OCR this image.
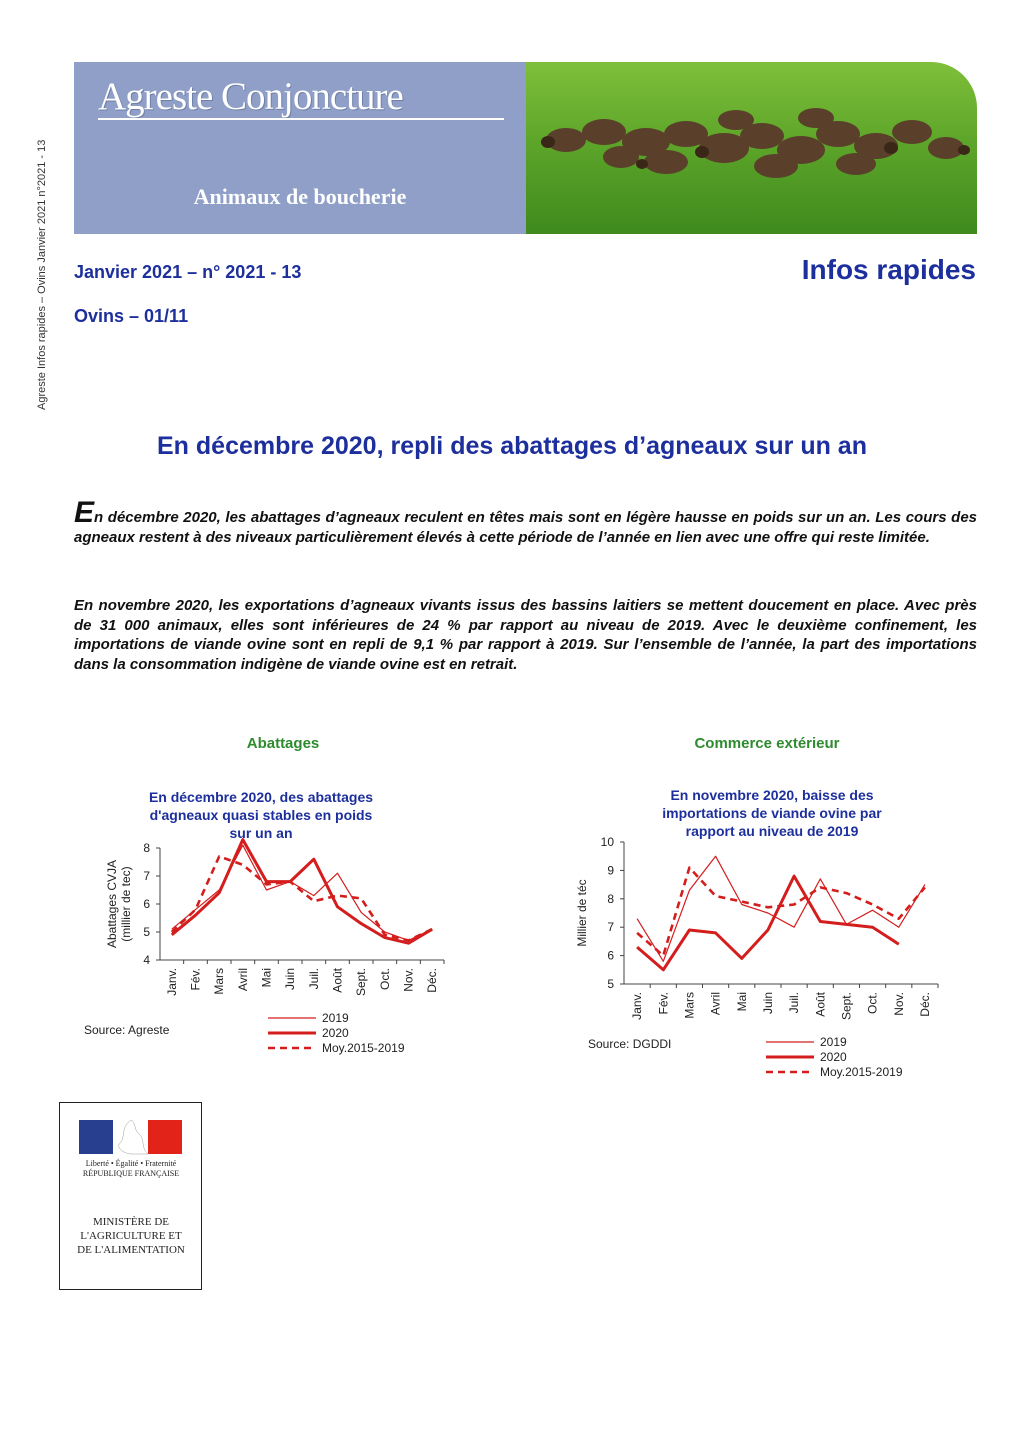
Agreste Infos rapides – Ovins Janvier 2021 n°2021 - 13
Agreste Conjoncture
Animaux de boucherie
Janvier 2021 – n° 2021 - 13
Ovins – 01/11
Infos rapides
En décembre 2020, repli des abattages d’agneaux sur un an
En décembre 2020, les abattages d’agneaux reculent en têtes mais sont en légère hausse en poids sur un an. Les cours des agneaux restent à des niveaux particulièrement élevés à cette période de l’année en lien avec une offre qui reste limitée.
En novembre 2020, les exportations d’agneaux vivants issus des bassins laitiers se mettent doucement en place. Avec près de 31 000 animaux, elles sont inférieures de 24 % par rapport au niveau de 2019. Avec le deuxième confinement, les importations de viande ovine sont en repli de 9,1 % par rapport à 2019. Sur l’ensemble de l’année, la part des importations dans la consommation indigène de viande ovine est en retrait.
Abattages	Commerce extérieur
En décembre 2020, des abattages
d'agneaux quasi stables en poids
sur un an
4
5
6
7
8
Abattages CVJA (millier de tec)
Janv. Fév. Mars Avril Mai Juin Juil. Août Sept. Oct. Nov. Déc.
Source: Agreste
2019
2020
Moy.2015-2019
En novembre 2020, baisse des
importations de viande ovine par
rapport au niveau de 2019
5
6
7
8
9
10
Millier de téc
Janv. Fév. Mars Avril Mai Juin Juil. Août Sept. Oct. Nov. Déc.
Source: DGDDI	2019
2020
Moy.2015-2019
Liberté • Égalité • Fraternité RÉPUBLIQUE FRANÇAISE
MINISTÈRE DE L'AGRICULTURE ET DE L'ALIMENTATION
